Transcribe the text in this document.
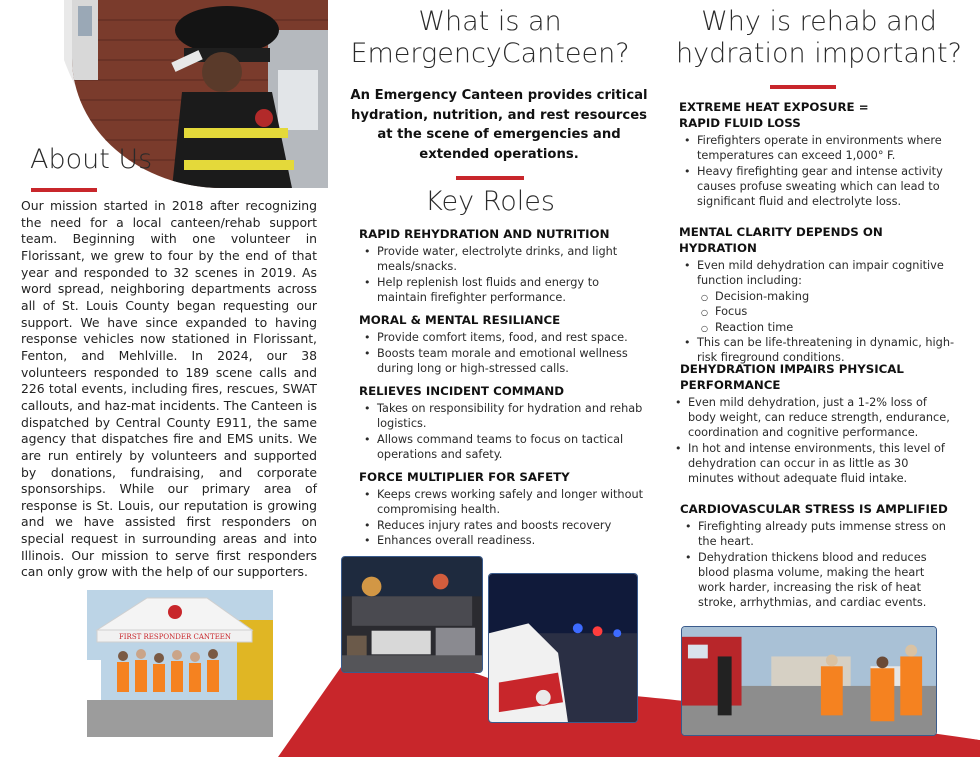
About Us

Our mission started in 2018 after recognizing the need for a local canteen/rehab support team. Beginning with one volunteer in Florissant, we grew to four by the end of that year and responded to 32 scenes in 2019. As word spread, neighboring departments across all of St. Louis County began requesting our support. We have since expanded to having response vehicles now stationed in Florissant, Fenton, and Mehlville. In 2024, our 38 volunteers responded to 189 scene calls and 226 total events, including fires, rescues, SWAT callouts, and haz-mat incidents. The Canteen is dispatched by Central County E911, the same agency that dispatches fire and EMS units. We are run entirely by volunteers and supported by donations, fundraising, and corporate sponsorships. While our primary area of response is St. Louis, our reputation is growing and we have assisted first responders on special request in surrounding areas and into Illinois. Our mission to serve first responders can only grow with the help of our supporters.

FIRST RESPONDER CANTEEN
What is an
EmergencyCanteen?
An Emergency Canteen provides critical hydration, nutrition, and rest resources at the scene of emergencies and extended operations.
Key Roles
RAPID REHYDRATION AND NUTRITION
• Provide water, electrolyte drinks, and light meals/snacks.
• Help replenish lost fluids and energy to maintain firefighter performance.
MORAL & MENTAL RESILIANCE
• Provide comfort items, food, and rest space.
• Boosts team morale and emotional wellness during long or high-stressed calls.
RELIEVES INCIDENT COMMAND
• Takes on responsibility for hydration and rehab logistics.
• Allows command teams to focus on tactical operations and safety.
FORCE MULTIPLIER FOR SAFETY
• Keeps crews working safely and longer without compromising health.
• Reduces injury rates and boosts recovery
• Enhances overall readiness.
Why is rehab and
hydration important?
EXTREME HEAT EXPOSURE =
RAPID FLUID LOSS
• Firefighters operate in environments where temperatures can exceed 1,000° F.
• Heavy firefighting gear and intense activity causes profuse sweating which can lead to significant fluid and electrolyte loss.
MENTAL CLARITY DEPENDS ON HYDRATION
• Even mild dehydration can impair cognitive function including:
○ Decision-making
○ Focus
○ Reaction time
• This can be life-threatening in dynamic, high-risk fireground conditions.
DEHYDRATION IMPAIRS PHYSICAL
PERFORMANCE
• Even mild dehydration, just a 1-2% loss of body weight, can reduce strength, endurance, coordination and cognitive performance.
• In hot and intense environments, this level of dehydration can occur in as little as 30 minutes without adequate fluid intake.
CARDIOVASCULAR STRESS IS AMPLIFIED
• Firefighting already puts immense stress on the heart.
• Dehydration thickens blood and reduces blood plasma volume, making the heart work harder, increasing the risk of heat stroke, arrhythmias, and cardiac events.
